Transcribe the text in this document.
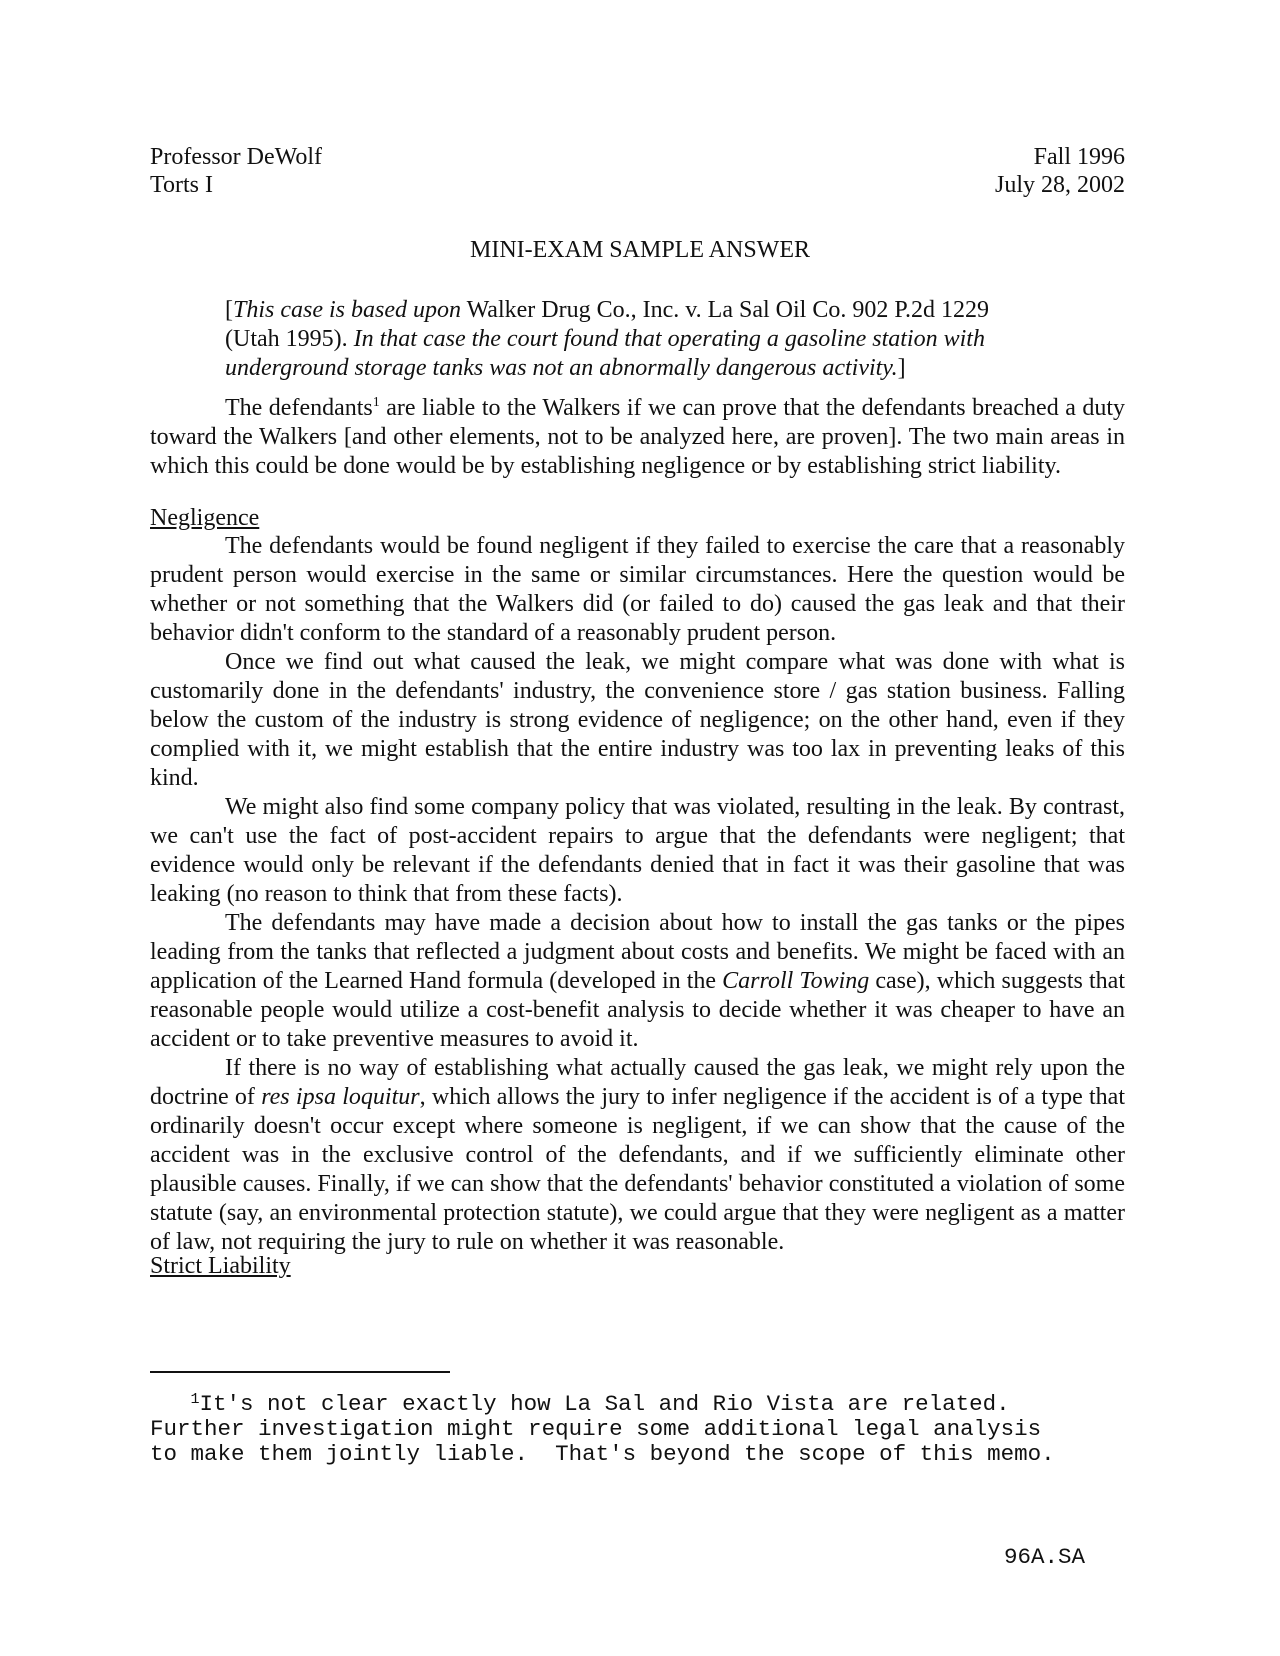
Professor DeWolf	Fall 1996
Torts I	July 28, 2002
MINI-EXAM SAMPLE ANSWER
[This case is based upon Walker Drug Co., Inc. v. La Sal Oil Co. 902 P.2d 1229 (Utah 1995). In that case the court found that operating a gasoline station with underground storage tanks was not an abnormally dangerous activity.]

The defendants$^1$ are liable to the Walkers if we can prove that the defendants breached a duty toward the Walkers [and other elements, not to be analyzed here, are proven]. The two main areas in which this could be done would be by establishing negligence or by establishing strict liability.

Negligence

The defendants would be found negligent if they failed to exercise the care that a reasonably prudent person would exercise in the same or similar circumstances. Here the question would be whether or not something that the Walkers did (or failed to do) caused the gas leak and that their behavior didn't conform to the standard of a reasonably prudent person.

Once we find out what caused the leak, we might compare what was done with what is customarily done in the defendants' industry, the convenience store / gas station business. Falling below the custom of the industry is strong evidence of negligence; on the other hand, even if they complied with it, we might establish that the entire industry was too lax in preventing leaks of this kind.

We might also find some company policy that was violated, resulting in the leak. By contrast, we can't use the fact of post-accident repairs to argue that the defendants were negligent; that evidence would only be relevant if the defendants denied that in fact it was their gasoline that was leaking (no reason to think that from these facts).

The defendants may have made a decision about how to install the gas tanks or the pipes leading from the tanks that reflected a judgment about costs and benefits. We might be faced with an application of the Learned Hand formula (developed in the Carroll Towing case), which suggests that reasonable people would utilize a cost-benefit analysis to decide whether it was cheaper to have an accident or to take preventive measures to avoid it.

If there is no way of establishing what actually caused the gas leak, we might rely upon the doctrine of res ipsa loquitur, which allows the jury to infer negligence if the accident is of a type that ordinarily doesn't occur except where someone is negligent, if we can show that the cause of the accident was in the exclusive control of the defendants, and if we sufficiently eliminate other plausible causes. Finally, if we can show that the defendants' behavior constituted a violation of some statute (say, an environmental protection statute), we could argue that they were negligent as a matter of law, not requiring the jury to rule on whether it was reasonable.

Strict Liability
$^1$It's not clear exactly how La Sal and Rio Vista are related.
Further investigation might require some additional legal analysis
to make them jointly liable.  That's beyond the scope of this memo.
96A.SA
